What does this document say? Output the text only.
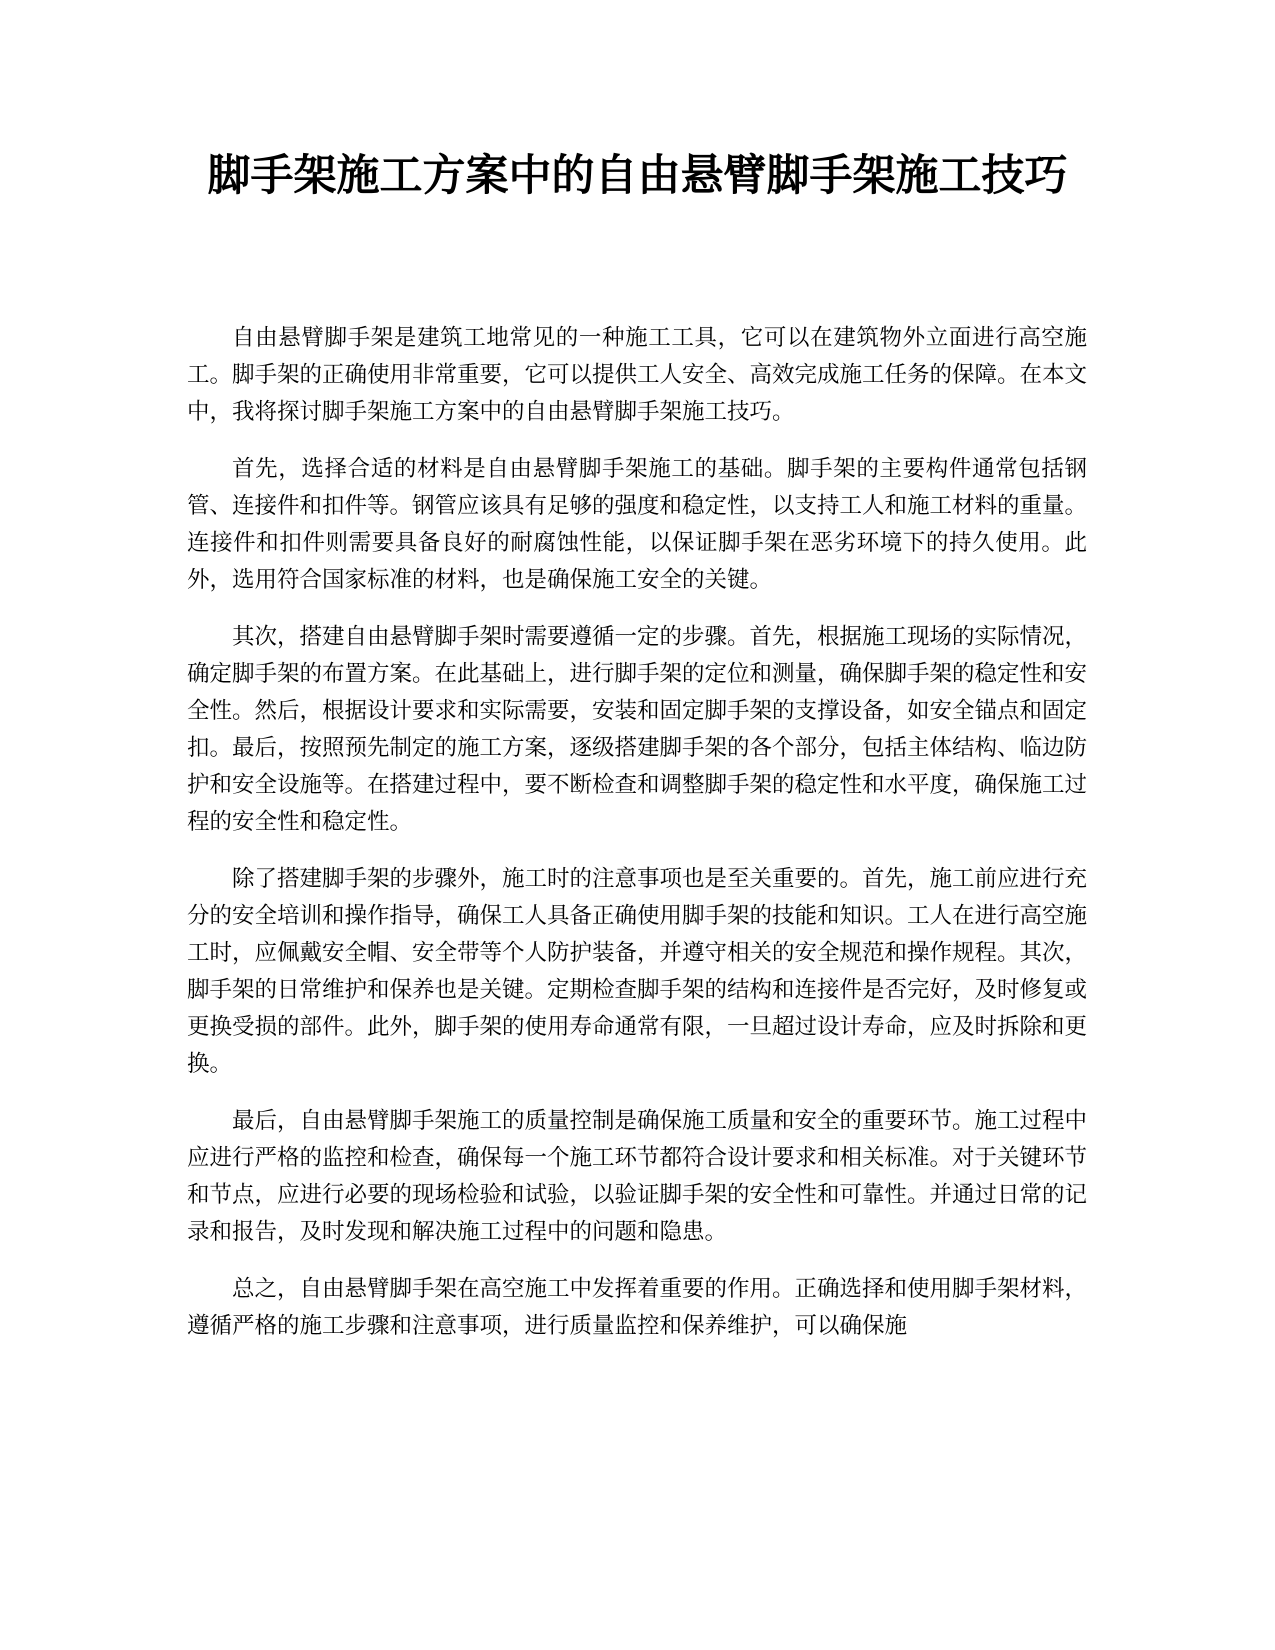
脚手架施工方案中的自由悬臂脚手架施工技巧

自由悬臂脚手架是建筑工地常见的一种施工工具，它可以在建筑物外立面进行高空施工。脚手架的正确使用非常重要，它可以提供工人安全、高效完成施工任务的保障。在本文中，我将探讨脚手架施工方案中的自由悬臂脚手架施工技巧。

首先，选择合适的材料是自由悬臂脚手架施工的基础。脚手架的主要构件通常包括钢管、连接件和扣件等。钢管应该具有足够的强度和稳定性，以支持工人和施工材料的重量。连接件和扣件则需要具备良好的耐腐蚀性能，以保证脚手架在恶劣环境下的持久使用。此外，选用符合国家标准的材料，也是确保施工安全的关键。

其次，搭建自由悬臂脚手架时需要遵循一定的步骤。首先，根据施工现场的实际情况，确定脚手架的布置方案。在此基础上，进行脚手架的定位和测量，确保脚手架的稳定性和安全性。然后，根据设计要求和实际需要，安装和固定脚手架的支撑设备，如安全锚点和固定扣。最后，按照预先制定的施工方案，逐级搭建脚手架的各个部分，包括主体结构、临边防护和安全设施等。在搭建过程中，要不断检查和调整脚手架的稳定性和水平度，确保施工过程的安全性和稳定性。

除了搭建脚手架的步骤外，施工时的注意事项也是至关重要的。首先，施工前应进行充分的安全培训和操作指导，确保工人具备正确使用脚手架的技能和知识。工人在进行高空施工时，应佩戴安全帽、安全带等个人防护装备，并遵守相关的安全规范和操作规程。其次，脚手架的日常维护和保养也是关键。定期检查脚手架的结构和连接件是否完好，及时修复或更换受损的部件。此外，脚手架的使用寿命通常有限，一旦超过设计寿命，应及时拆除和更换。

最后，自由悬臂脚手架施工的质量控制是确保施工质量和安全的重要环节。施工过程中应进行严格的监控和检查，确保每一个施工环节都符合设计要求和相关标准。对于关键环节和节点，应进行必要的现场检验和试验，以验证脚手架的安全性和可靠性。并通过日常的记录和报告，及时发现和解决施工过程中的问题和隐患。

总之，自由悬臂脚手架在高空施工中发挥着重要的作用。正确选择和使用脚手架材料，遵循严格的施工步骤和注意事项，进行质量监控和保养维护，可以确保施
